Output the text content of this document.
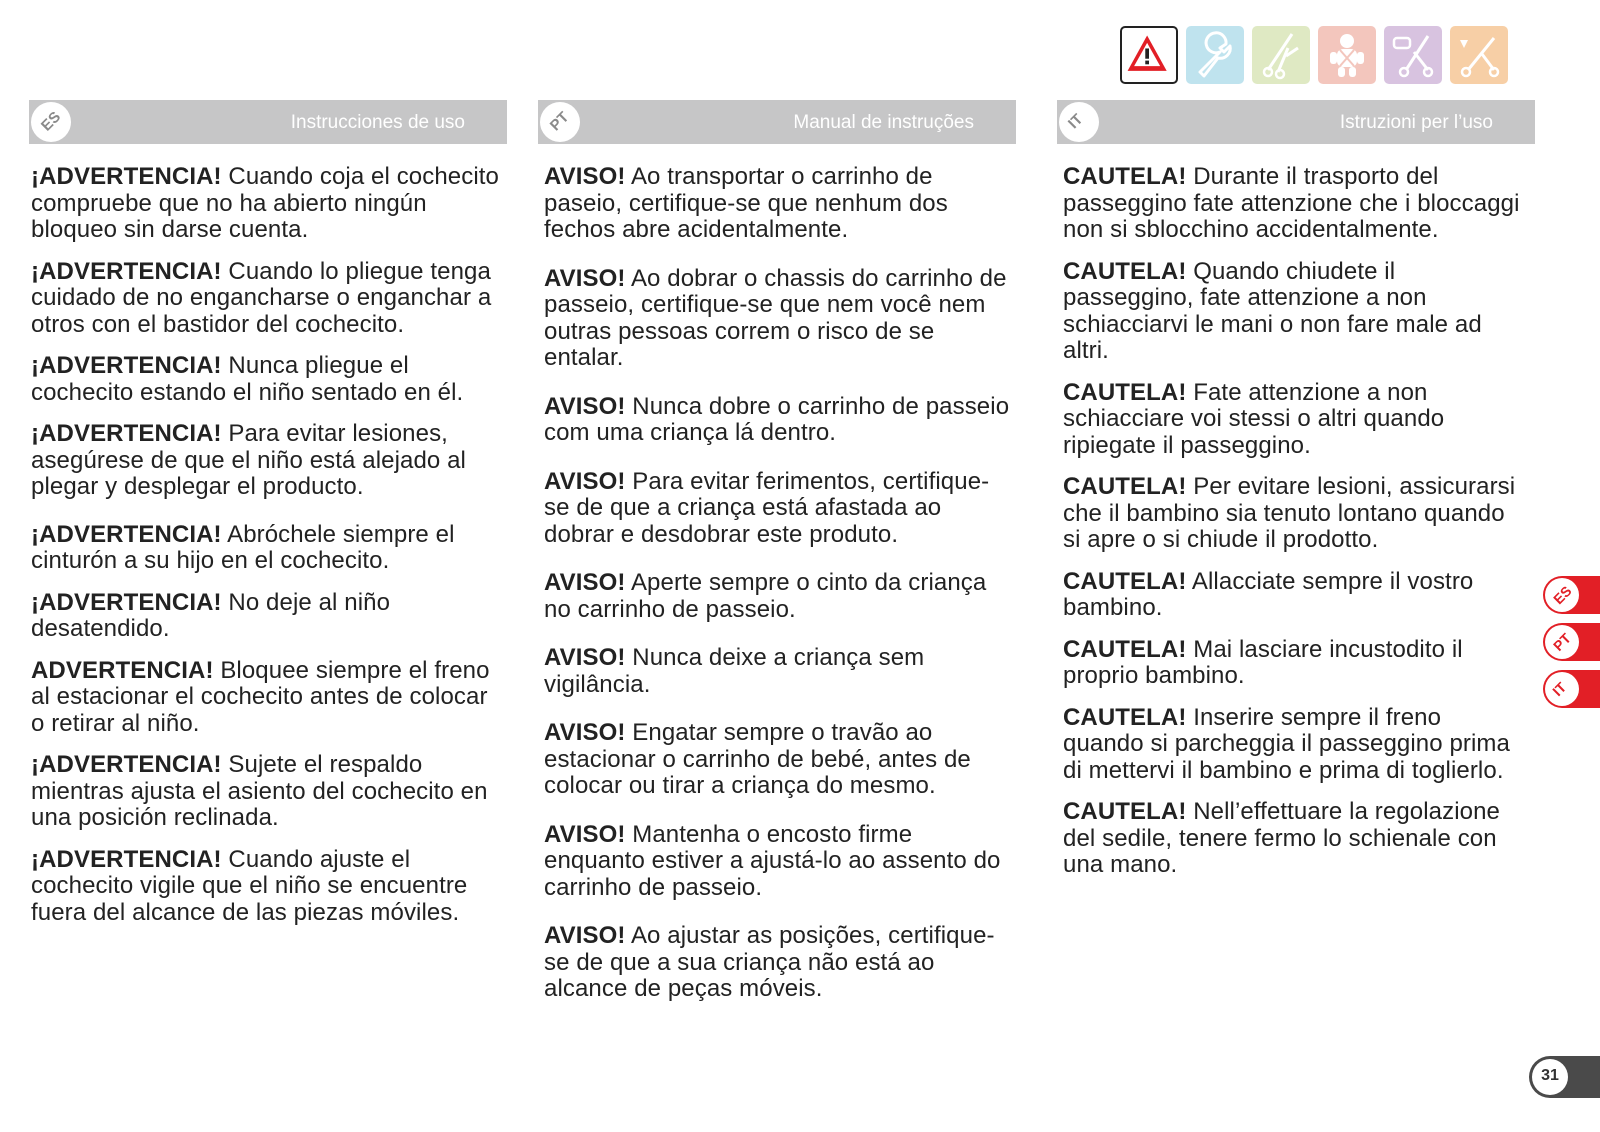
ES	Instrucciones de uso	PT	Manual de instruções	IT	Istruzioni per l’uso

¡ADVERTENCIA! Cuando coja el cochecito compruebe que no ha abierto ningún bloqueo sin darse cuenta.

¡ADVERTENCIA! Cuando lo pliegue tenga cuidado de no engancharse o enganchar a otros con el bastidor del cochecito.

¡ADVERTENCIA! Nunca pliegue el cochecito estando el niño sentado en él.

¡ADVERTENCIA! Para evitar lesiones, asegúrese de que el niño está alejado al plegar y desplegar el producto.

¡ADVERTENCIA! Abróchele siempre el cinturón a su hijo en el cochecito.

¡ADVERTENCIA! No deje al niño desatendido.

ADVERTENCIA! Bloquee siempre el freno al estacionar el cochecito antes de colocar o retirar al niño.

¡ADVERTENCIA! Sujete el respaldo mientras ajusta el asiento del cochecito en una posición reclinada.

¡ADVERTENCIA! Cuando ajuste el cochecito vigile que el niño se encuentre fuera del alcance de las piezas móviles.

AVISO! Ao transportar o carrinho de paseio, certifique-se que nenhum dos fechos abre acidentalmente.

AVISO! Ao dobrar o chassis do carrinho de passeio, certifique-se que nem você nem outras pessoas correm o risco de se entalar.

AVISO! Nunca dobre o carrinho de passeio com uma criança lá dentro.

AVISO! Para evitar ferimentos, certifique-se de que a criança está afastada ao dobrar e desdobrar este produto.

AVISO! Aperte sempre o cinto da criança no carrinho de passeio.

AVISO! Nunca deixe a criança sem vigilância.

AVISO! Engatar sempre o travão ao estacionar o carrinho de bebé, antes de colocar ou tirar a criança do mesmo.

AVISO! Mantenha o encosto firme enquanto estiver a ajustá-lo ao assento do carrinho de passeio.

AVISO! Ao ajustar as posições, certifique-se de que a sua criança não está ao alcance de peças móveis.

CAUTELA! Durante il trasporto del passeggino fate attenzione che i bloccaggi non si sblocchino accidentalmente.

CAUTELA! Quando chiudete il passeggino, fate attenzione a non schiacciarvi le mani o non fare male ad altri.

CAUTELA! Fate attenzione a non schiacciare voi stessi o altri quando ripiegate il passeggino.

CAUTELA! Per evitare lesioni, assicurarsi che il bambino sia tenuto lontano quando si apre o si chiude il prodotto.

CAUTELA! Allacciate sempre il vostro bambino.

CAUTELA! Mai lasciare incustodito il proprio bambino.

CAUTELA! Inserire sempre il freno quando si parcheggia il passeggino prima di mettervi il bambino e prima di toglierlo.

CAUTELA! Nell’effettuare la regolazione del sedile, tenere fermo lo schienale con una mano.

ES
PT
IT
31
